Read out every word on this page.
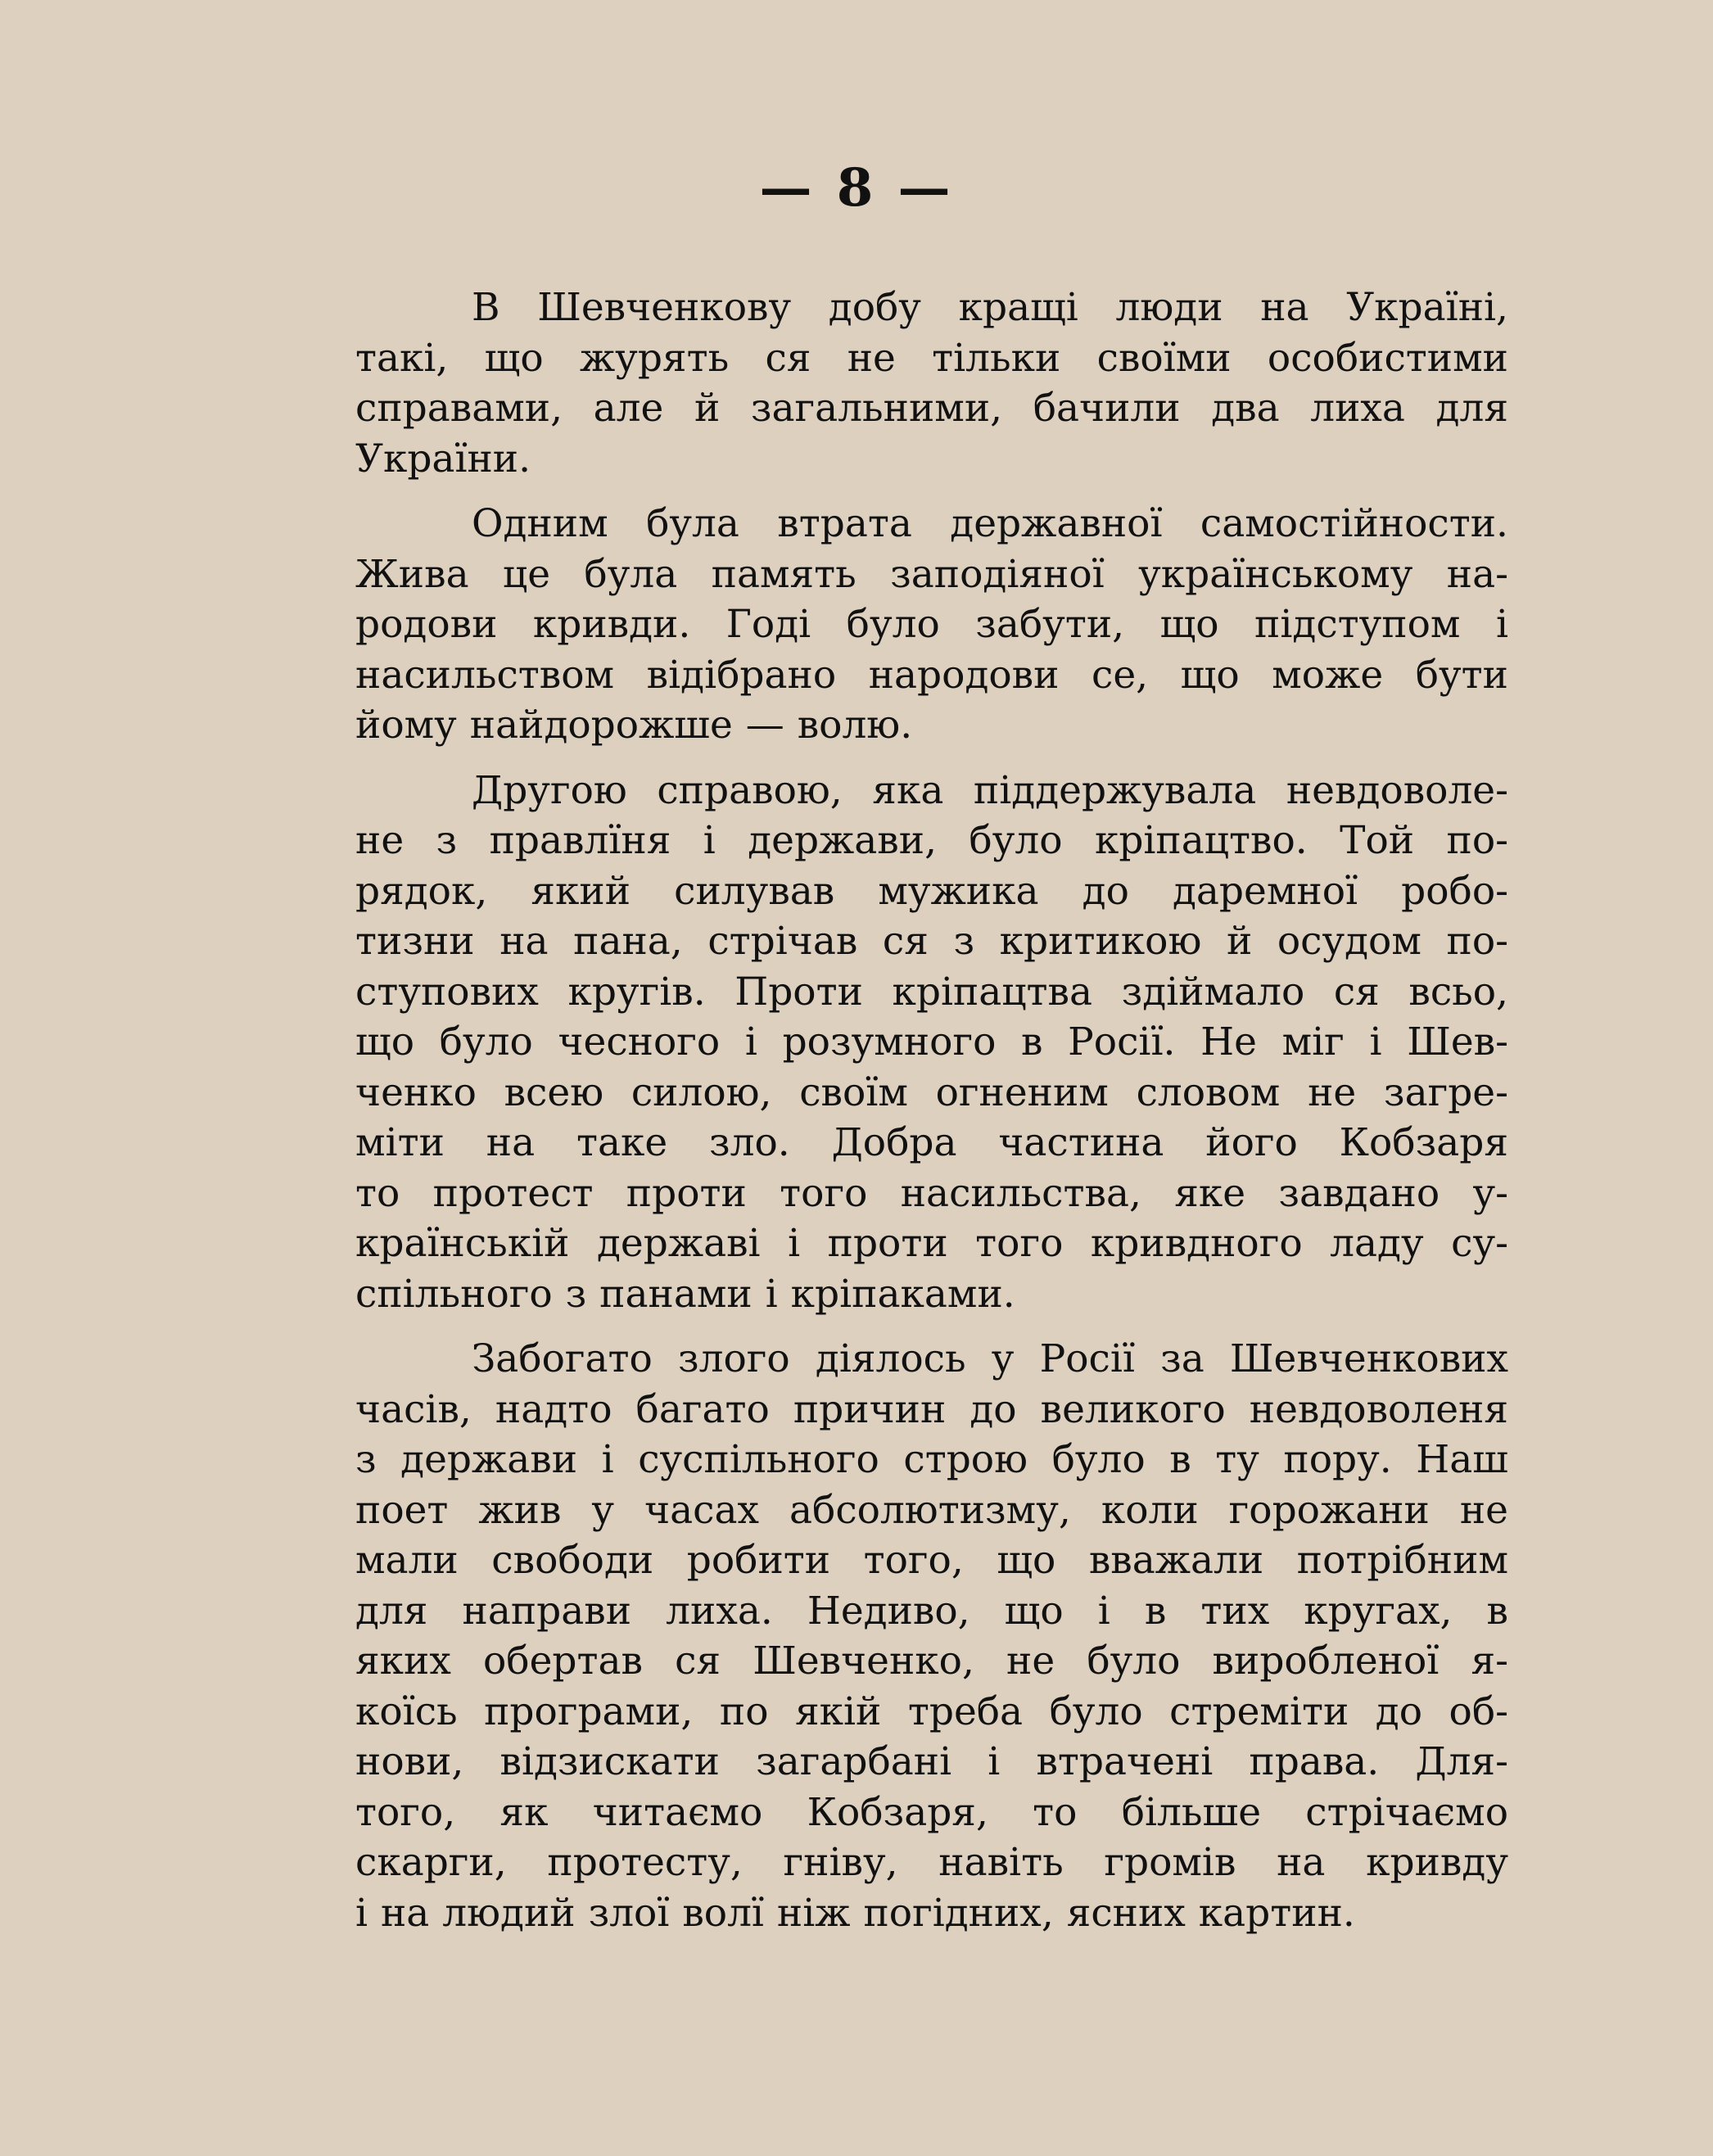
— 8 —
В Шевченкову добу кращі люди на Україні,
такі, що журять ся не тільки своїми особистими
справами, але й загальними, бачили два лиха для
України.
Одним була втрата державної самостійности.
Жива це була память заподіяної українському на-
родови кривди. Годі було забути, що підступом і
насильством відібрано народови се, що може бути
йому найдорожше — волю.
Другою справою, яка піддержувала невдоволе-
не з правлїня і держави, було кріпацтво. Той по-
рядок, який силував мужика до даремної робо-
тизни на пана, стрічав ся з критикою й осудом по-
ступових кругів. Проти кріпацтва здіймало ся всьо,
що було чесного і розумного в Росії. Не міг і Шев-
ченко всею силою, своїм огненим словом не загре-
міти на таке зло. Добра частина його Кобзаря
то протест проти того насильства, яке завдано у-
країнській державі і проти того кривдного ладу су-
спільного з панами і кріпаками.
Забогато злого діялось у Росії за Шевченкових
часів, надто багато причин до великого невдоволеня
з держави і суспільного строю було в ту пору. Наш
поет жив у часах абсолютизму, коли горожани не
мали свободи робити того, що вважали потрібним
для направи лиха. Недиво, що і в тих кругах, в
яких обертав ся Шевченко, не було виробленої я-
коїсь програми, по якій треба було стреміти до об-
нови, відзискати загарбані і втрачені права. Для-
того, як читаємо Кобзаря, то більше стрічаємо
скарги, протесту, гніву, навіть громів на кривду
і на людий злої волї ніж погідних, ясних картин.
